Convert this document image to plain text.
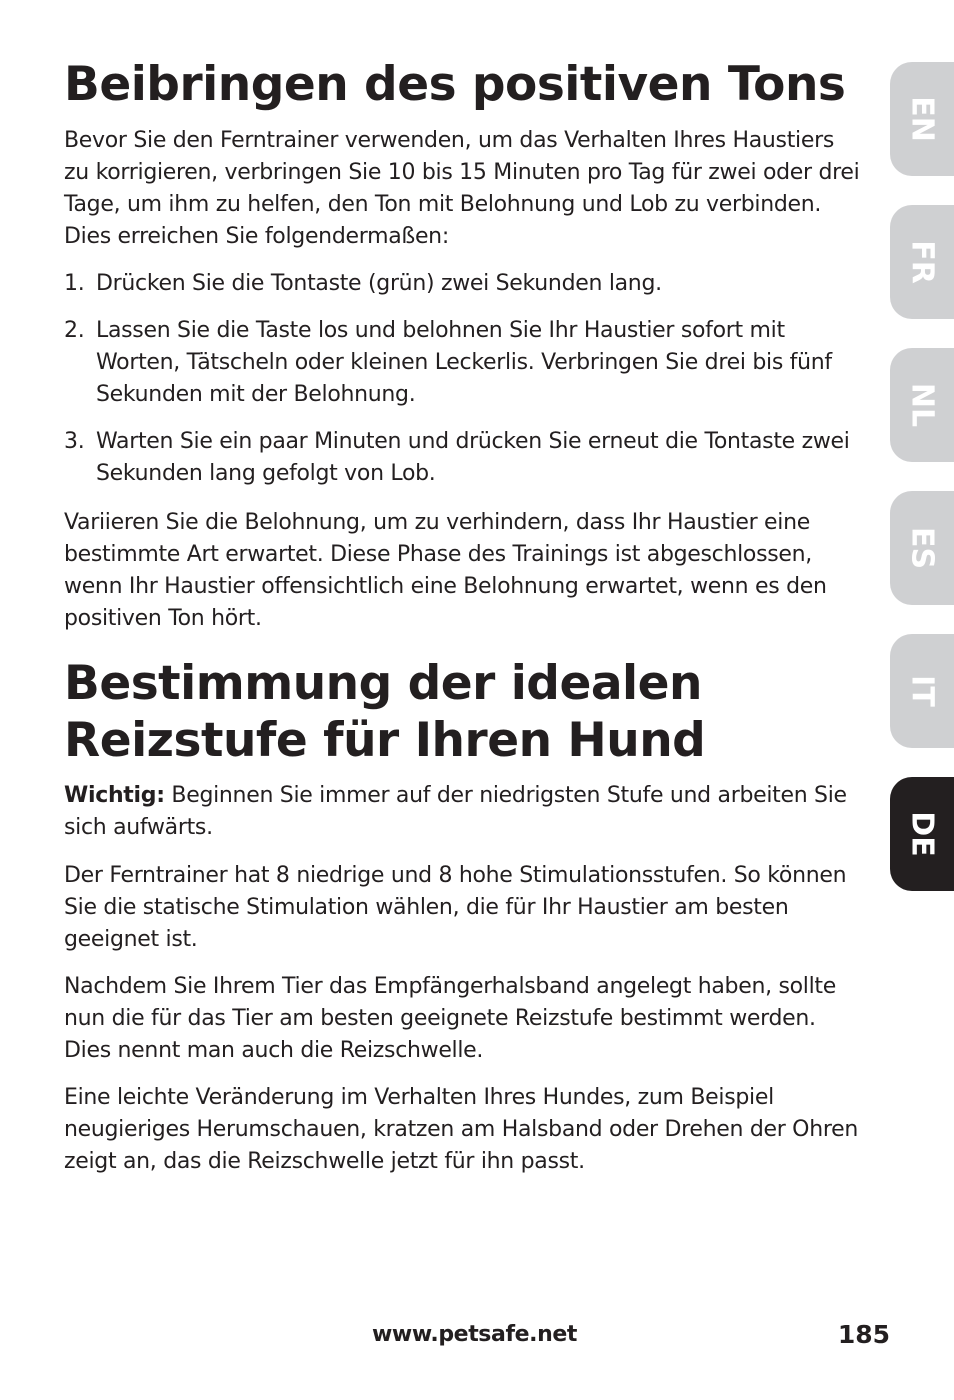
Beibringen des positiven Tons

Bevor Sie den Ferntrainer verwenden, um das Verhalten Ihres Haustiers zu korrigieren, verbringen Sie 10 bis 15 Minuten pro Tag für zwei oder drei Tage, um ihm zu helfen, den Ton mit Belohnung und Lob zu verbinden. Dies erreichen Sie folgendermaßen:

1. Drücken Sie die Tontaste (grün) zwei Sekunden lang.
2. Lassen Sie die Taste los und belohnen Sie Ihr Haustier sofort mit Worten, Tätscheln oder kleinen Leckerlis. Verbringen Sie drei bis fünf Sekunden mit der Belohnung.
3. Warten Sie ein paar Minuten und drücken Sie erneut die Tontaste zwei Sekunden lang gefolgt von Lob.

Variieren Sie die Belohnung, um zu verhindern, dass Ihr Haustier eine bestimmte Art erwartet. Diese Phase des Trainings ist abgeschlossen, wenn Ihr Haustier offensichtlich eine Belohnung erwartet, wenn es den positiven Ton hört.

Bestimmung der idealen
Reizstufe für Ihren Hund

Wichtig: Beginnen Sie immer auf der niedrigsten Stufe und arbeiten Sie sich aufwärts.

Der Ferntrainer hat 8 niedrige und 8 hohe Stimulationsstufen. So können Sie die statische Stimulation wählen, die für Ihr Haustier am besten geeignet ist.

Nachdem Sie Ihrem Tier das Empfängerhalsband angelegt haben, sollte nun die für das Tier am besten geeignete Reizstufe bestimmt werden. Dies nennt man auch die Reizschwelle.

Eine leichte Veränderung im Verhalten Ihres Hundes, zum Beispiel neugieriges Herumschauen, kratzen am Halsband oder Drehen der Ohren zeigt an, das die Reizschwelle jetzt für ihn passt.

EN
FR
NL
ES
IT
DE
www.petsafe.net	185
